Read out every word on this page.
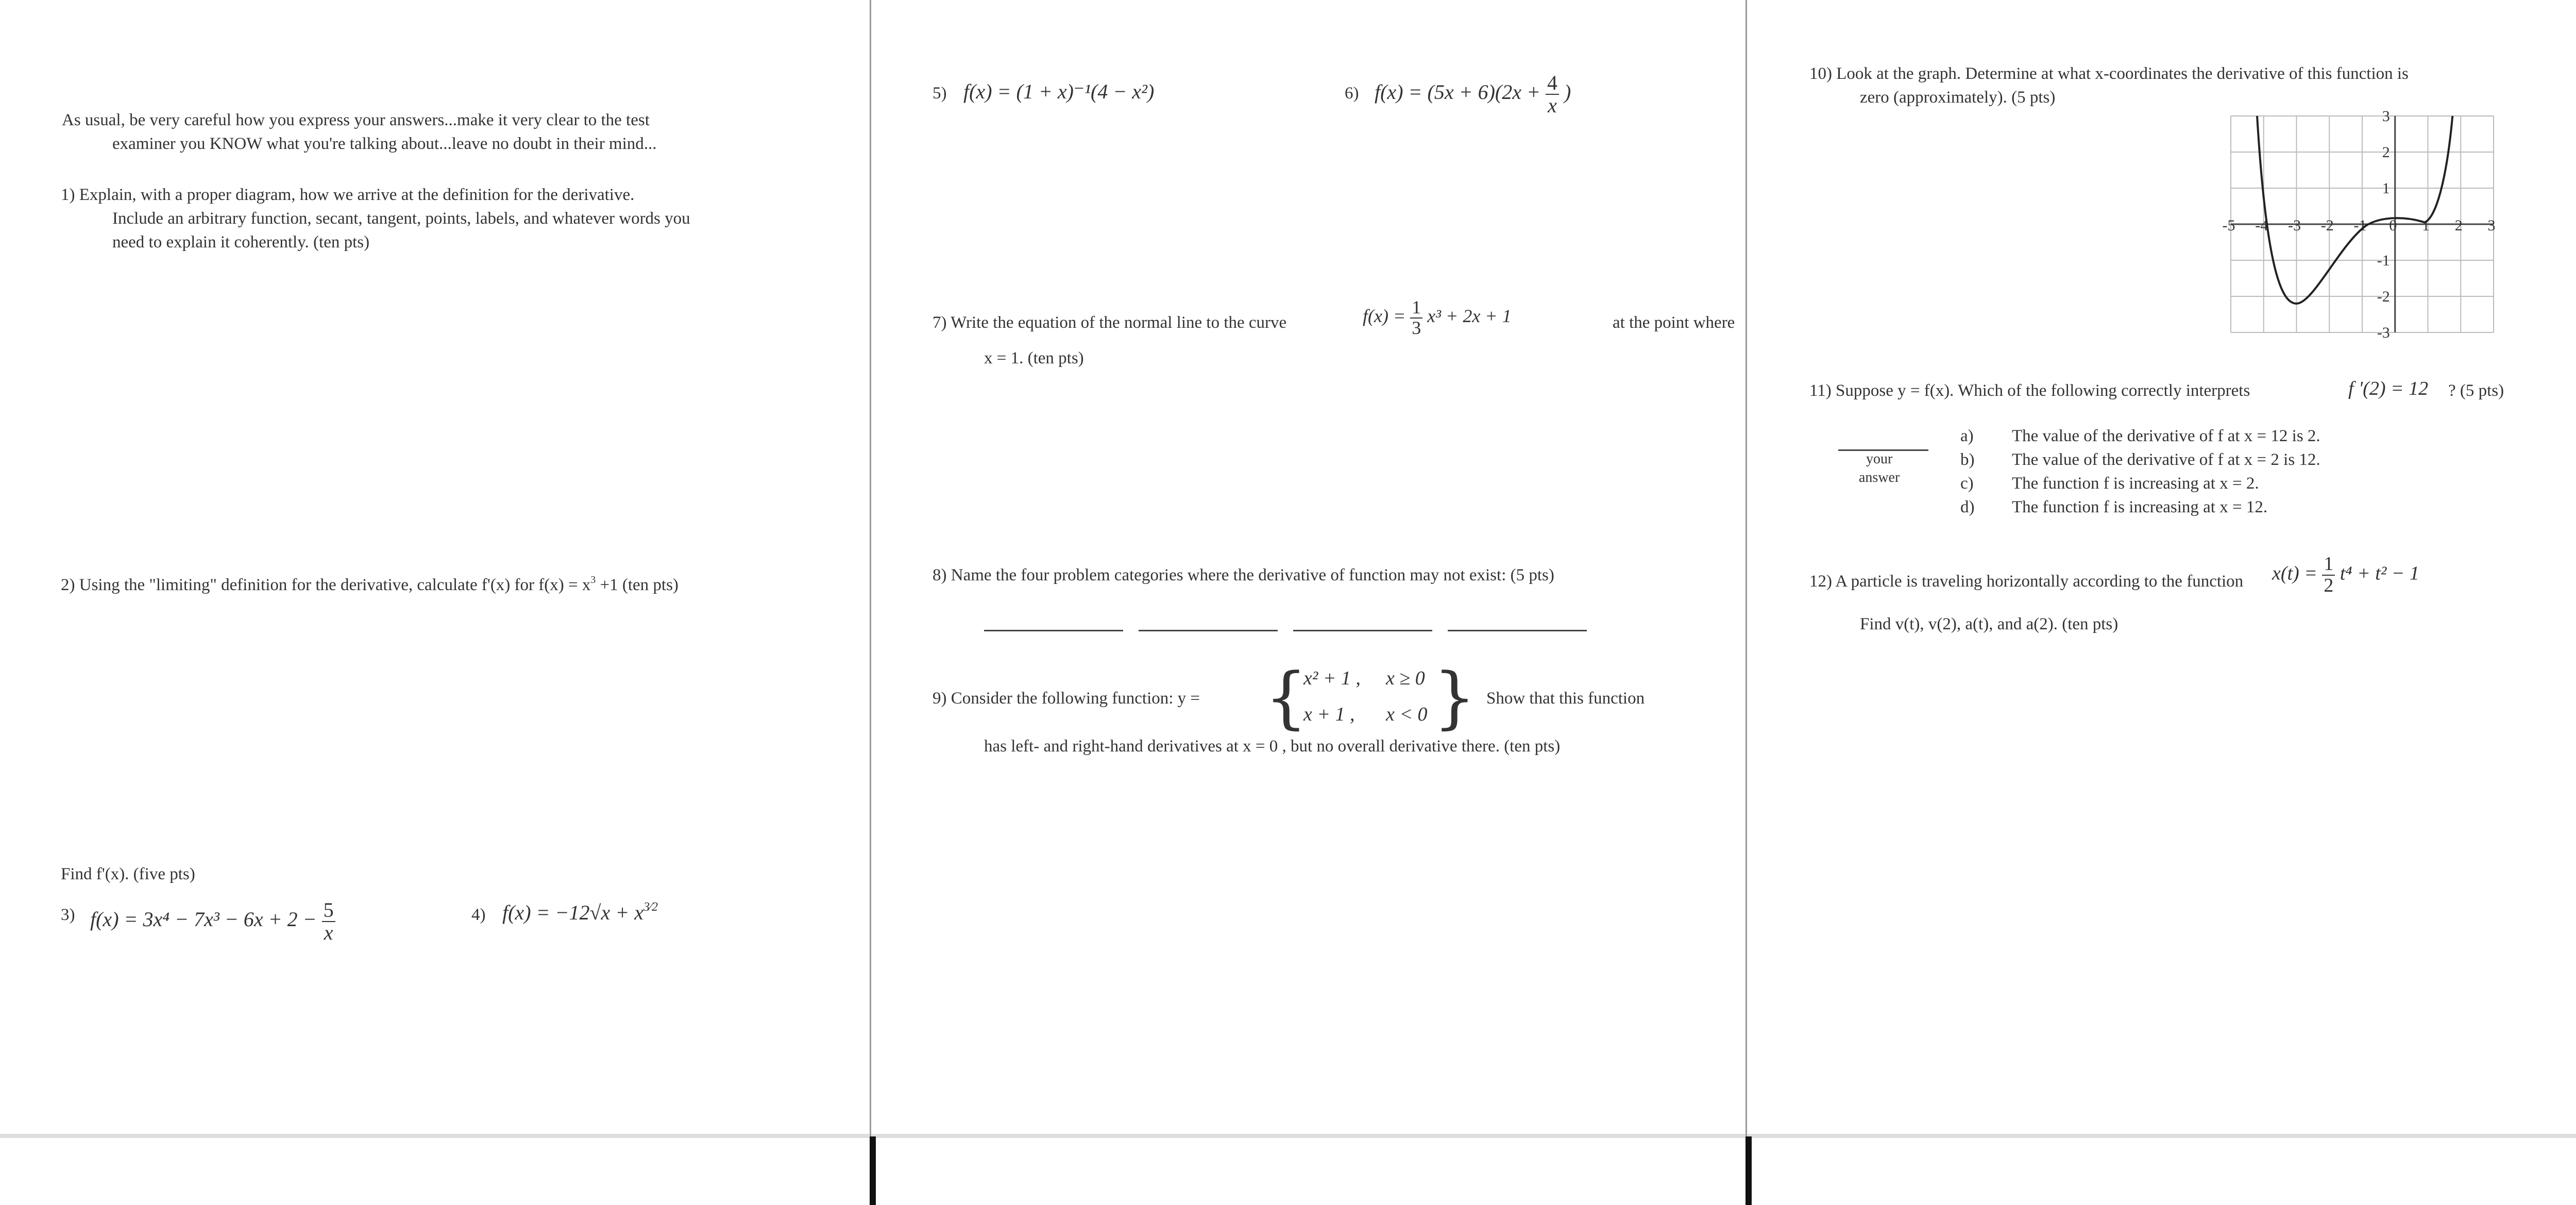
As usual, be very careful how you express your answers...make it very clear to the test
examiner you KNOW what you're talking about...leave no doubt in their mind...
1) Explain, with a proper diagram, how we arrive at the definition for the derivative.
Include an arbitrary function, secant, tangent, points, labels, and whatever words you
need to explain it coherently. (ten pts)
2) Using the "limiting" definition for the derivative, calculate f'(x) for $f(x) = x^3 +1$ (ten pts)
Find f'(x). (five pts)
3) $f(x) = 3x^4 - 7x^3 - 6x + 2 - \frac{5}{x}$	4) $f(x) = -12√x + x^{3⁄2}$
5) f(x) = (1 + x)⁻¹(4 − x²)	6) $f(x) = (5x + 6)(2x + \frac{4}{x}$ )
7) Write the equation of the normal line to the curve	$f(x) = \frac{1}{3} x^3 + 2x + 1$	at the point where
x = 1. (ten pts)
8) Name the four problem categories where the derivative of function may not exist: (5 pts)
9) Consider the following function: y = {
x² + 1 , x ≥ 0
x + 1 , x < 0 } Show that this function
has left- and right-hand derivatives at x = 0 , but no overall derivative there. (ten pts)
10) Look at the graph. Determine at what x-coordinates the derivative of this function is
zero (approximately). (5 pts)
-5 -4 -3 -2 -1 0 1 2 3
3
2
1
-1
-2
-3
11) Suppose y = f(x). Which of the following correctly interprets	f '(2) = 12 ? (5 pts)
your
answer
a) The value of the derivative of f at x = 12 is 2.
b) The value of the derivative of f at x = 2 is 12.
c) The function f is increasing at x = 2.
d) The function f is increasing at x = 12.
12) A particle is traveling horizontally according to the function $x(t) = \frac{1}{2} t^4 + t^2 - 1$
Find v(t), v(2), a(t), and a(2). (ten pts)
